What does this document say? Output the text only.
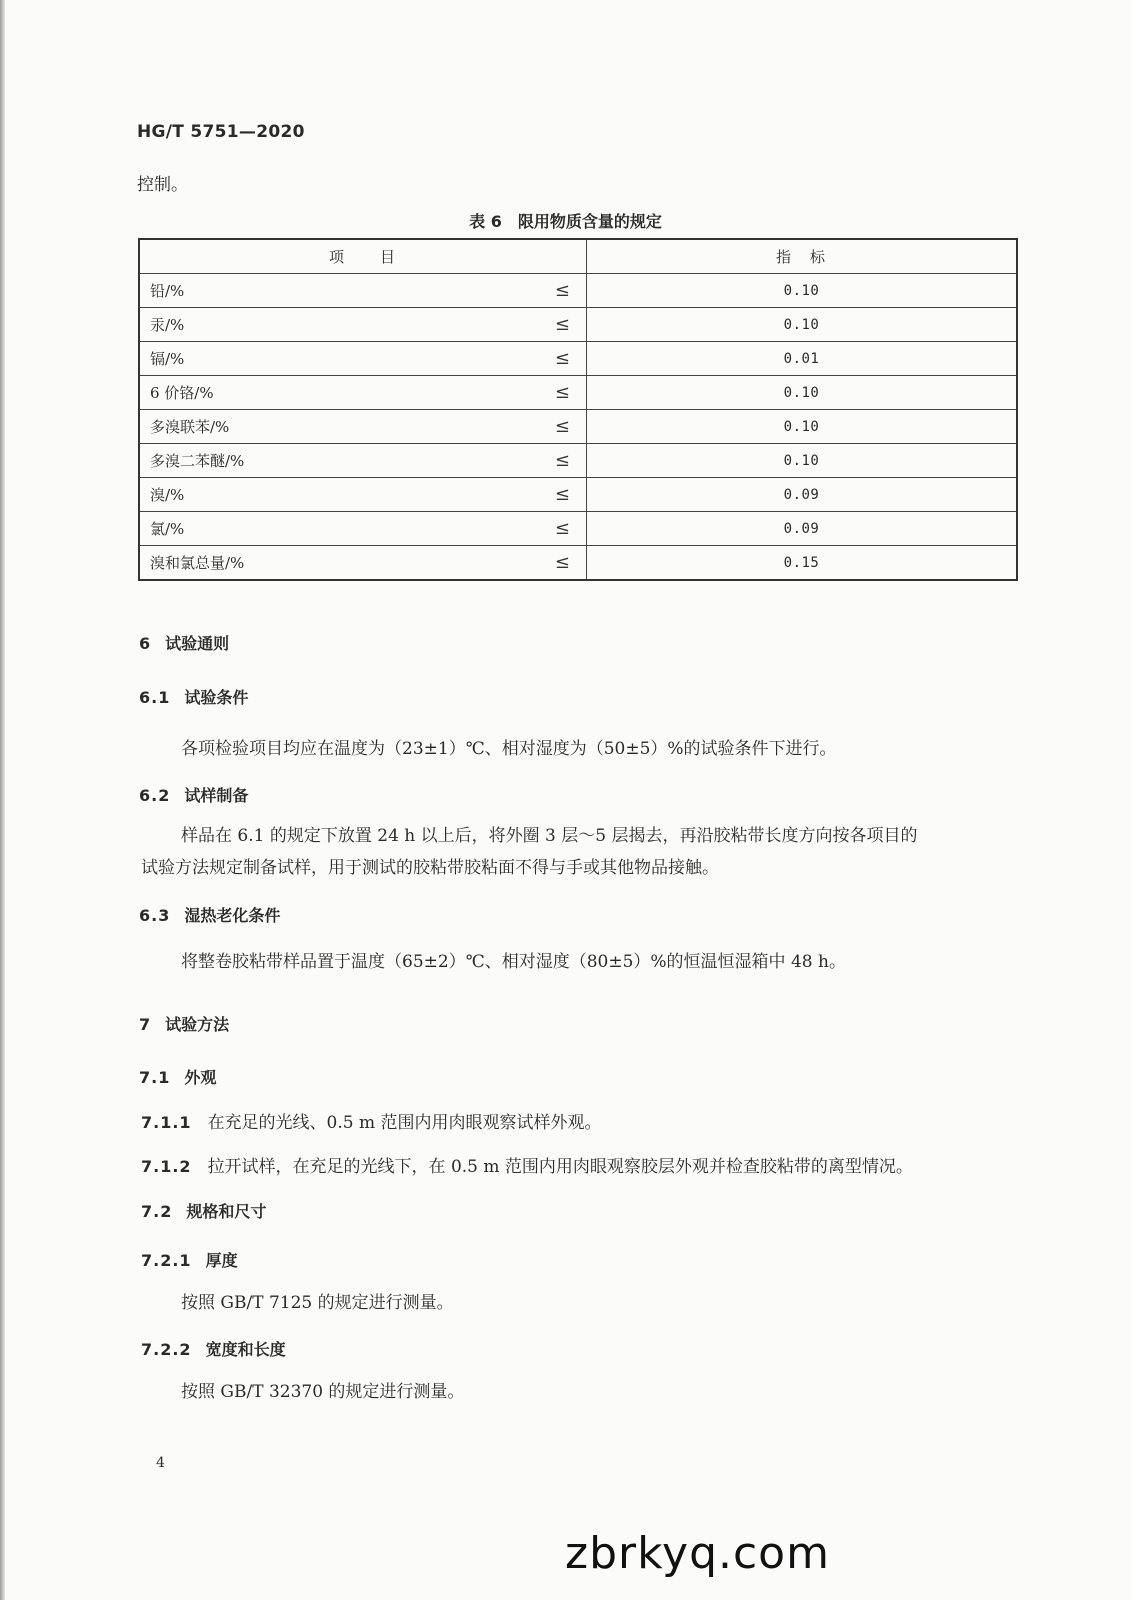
HG/T 5751—2020
控制。
表 6　限用物质含量的规定
项　　目	指　标
铅/% ≤	0.10
汞/% ≤	0.10
镉/% ≤	0.01
6 价铬/% ≤	0.10
多溴联苯/% ≤	0.10
多溴二苯醚/% ≤	0.10
溴/% ≤	0.09
氯/% ≤	0.09
溴和氯总量/% ≤	0.15
6 试验通则
6.1 试验条件
各项检验项目均应在温度为（23±1）℃、相对湿度为（50±5）%的试验条件下进行。
6.2 试样制备
样品在 6.1 的规定下放置 24 h 以上后，将外圈 3 层～5 层揭去，再沿胶粘带长度方向按各项目的
试验方法规定制备试样，用于测试的胶粘带胶粘面不得与手或其他物品接触。
6.3 湿热老化条件
将整卷胶粘带样品置于温度（65±2）℃、相对湿度（80±5）%的恒温恒湿箱中 48 h。
7 试验方法
7.1 外观
7.1.1 在充足的光线、0.5 m 范围内用肉眼观察试样外观。
7.1.2 拉开试样，在充足的光线下，在 0.5 m 范围内用肉眼观察胶层外观并检查胶粘带的离型情况。
7.2 规格和尺寸
7.2.1 厚度
按照 GB/T 7125 的规定进行测量。
7.2.2 宽度和长度
按照 GB/T 32370 的规定进行测量。
4
zbrkyq.com
